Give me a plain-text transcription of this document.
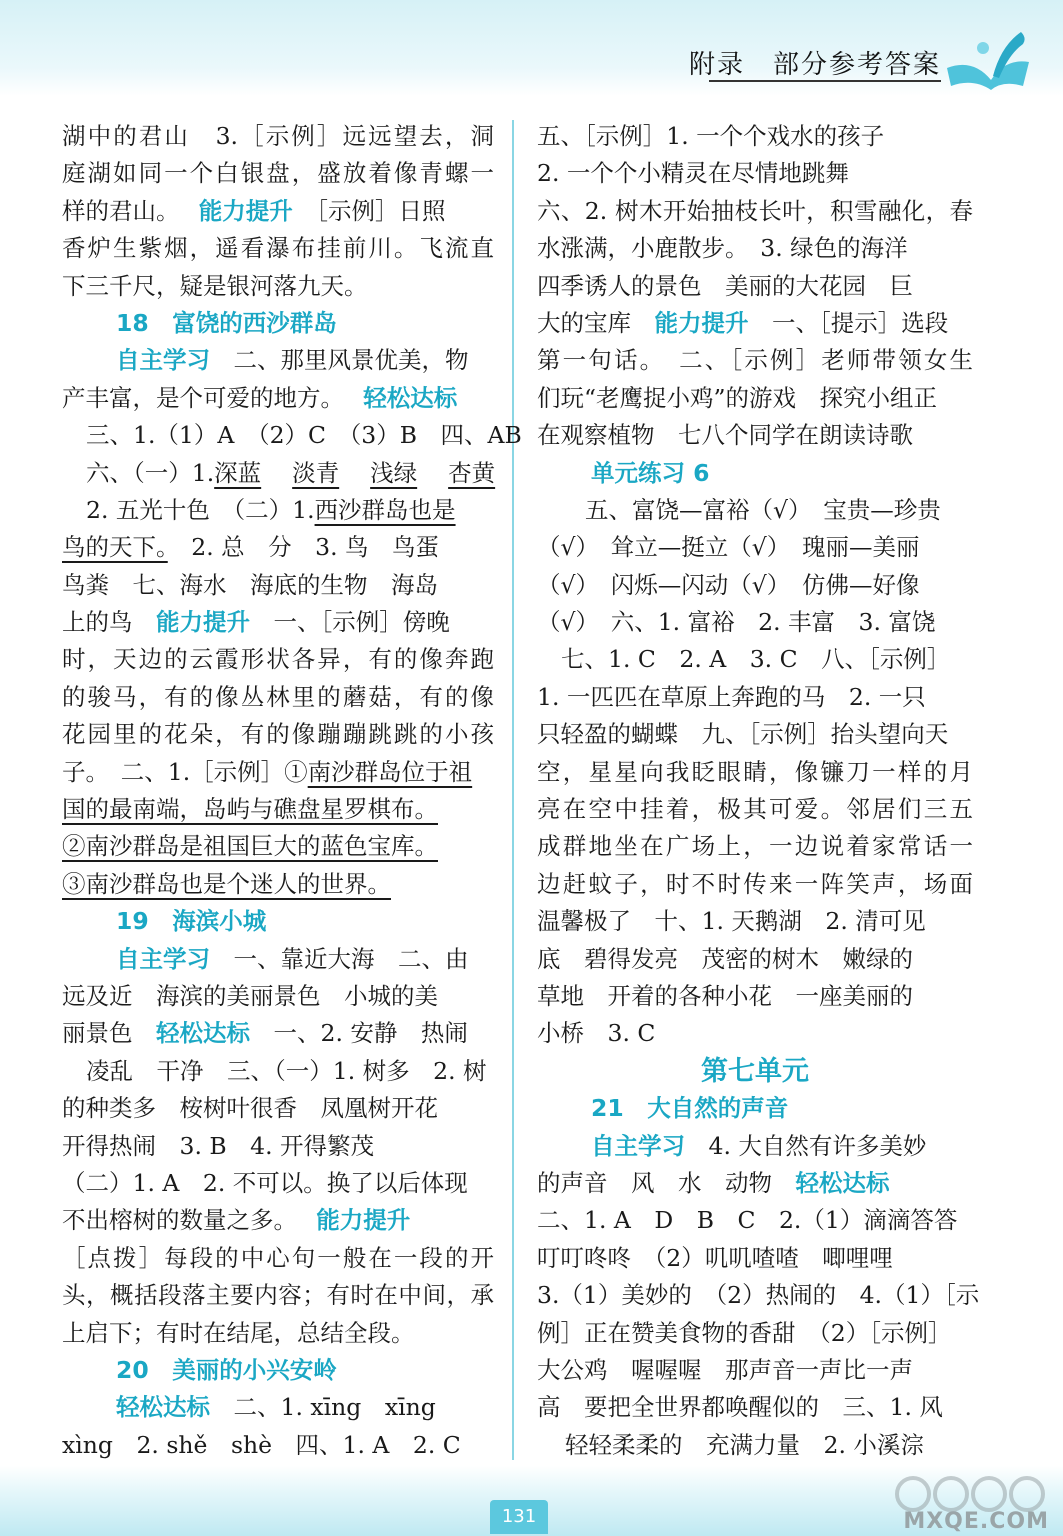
附录　部分参考答案
湖中的君山　3.［示例］远远望去，洞
庭湖如同一个白银盘，盛放着像青螺一
样的君山。　 能力提升　 ［示例］日照
香炉生紫烟，遥看瀑布挂前川。飞流直
下三千尺，疑是银河落九天。
18　富饶的西沙群岛
自主学习　二、那里风景优美，物
产丰富，是个可爱的地方。　 轻松达标
三、1.（1）A　（2）C　（3）B　四、AB
六、（一）1.深蓝　 淡青　 浅绿　 杏黄
2. 五光十色　（二）1.西沙群岛也是
鸟的天下。　2. 总　分　3. 鸟　鸟蛋
鸟粪　七、海水　海底的生物　海岛
上的鸟　能力提升　一、［示例］傍晚
时，天边的云霞形状各异，有的像奔跑
的骏马，有的像丛林里的蘑菇，有的像
花园里的花朵，有的像蹦蹦跳跳的小孩
子。　二、1.［示例］①南沙群岛位于祖
国的最南端，岛屿与礁盘星罗棋布。
②南沙群岛是祖国巨大的蓝色宝库。
③南沙群岛也是个迷人的世界。
19　海滨小城
自主学习　一、靠近大海　二、由
远及近　海滨的美丽景色　小城的美
丽景色　轻松达标　一、2. 安静　热闹
凌乱　干净　三、（一）1. 树多　2. 树
的种类多　桉树叶很香　凤凰树开花
开得热闹　3. B　4. 开得繁茂
（二）1. A　2. 不可以。换了以后体现
不出榕树的数量之多。　 能力提升
［点拨］每段的中心句一般在一段的开
头，概括段落主要内容；有时在中间，承
上启下；有时在结尾，总结全段。
20　美丽的小兴安岭
轻松达标　二、1. xīng　xīng
xìng　2. shě　shè　四、1. A　2. C
五、［示例］1. 一个个戏水的孩子
2. 一个个小精灵在尽情地跳舞
六、2. 树木开始抽枝长叶，积雪融化，春
水涨满，小鹿散步。　3. 绿色的海洋
四季诱人的景色　美丽的大花园　巨
大的宝库　能力提升　一、［提示］选段
第一句话。　二、［示例］老师带领女生
们玩“老鹰捉小鸡”的游戏　探究小组正
在观察植物　七八个同学在朗读诗歌
单元练习 6
五、富饶—富裕（√）　宝贵—珍贵
（√）　耸立—挺立（√）　瑰丽—美丽
（√）　闪烁—闪动（√）　仿佛—好像
（√）　六、1. 富裕　2. 丰富　3. 富饶
七、1. C　2. A　3. C　八、［示例］
1. 一匹匹在草原上奔跑的马　2. 一只
只轻盈的蝴蝶　九、［示例］抬头望向天
空，星星向我眨眼睛，像镰刀一样的月
亮在空中挂着，极其可爱。邻居们三五
成群地坐在广场上，一边说着家常话一
边赶蚊子，时不时传来一阵笑声，场面
温馨极了　十、1. 天鹅湖　2. 清可见
底　碧得发亮　茂密的树木　嫩绿的
草地　开着的各种小花　一座美丽的
小桥　3. C
第七单元
21　大自然的声音
自主学习　4. 大自然有许多美妙
的声音　风　水　动物　轻松达标
二、1. A　D　B　C　2.（1）滴滴答答
叮叮咚咚　（2）叽叽喳喳　唧哩哩
3.（1）美妙的　（2）热闹的　4.（1）［示
例］正在赞美食物的香甜　（2）［示例］
大公鸡　喔喔喔　那声音一声比一声
高　要把全世界都唤醒似的　三、1. 风
轻轻柔柔的　充满力量　2. 小溪淙
131	MXQE.COM
